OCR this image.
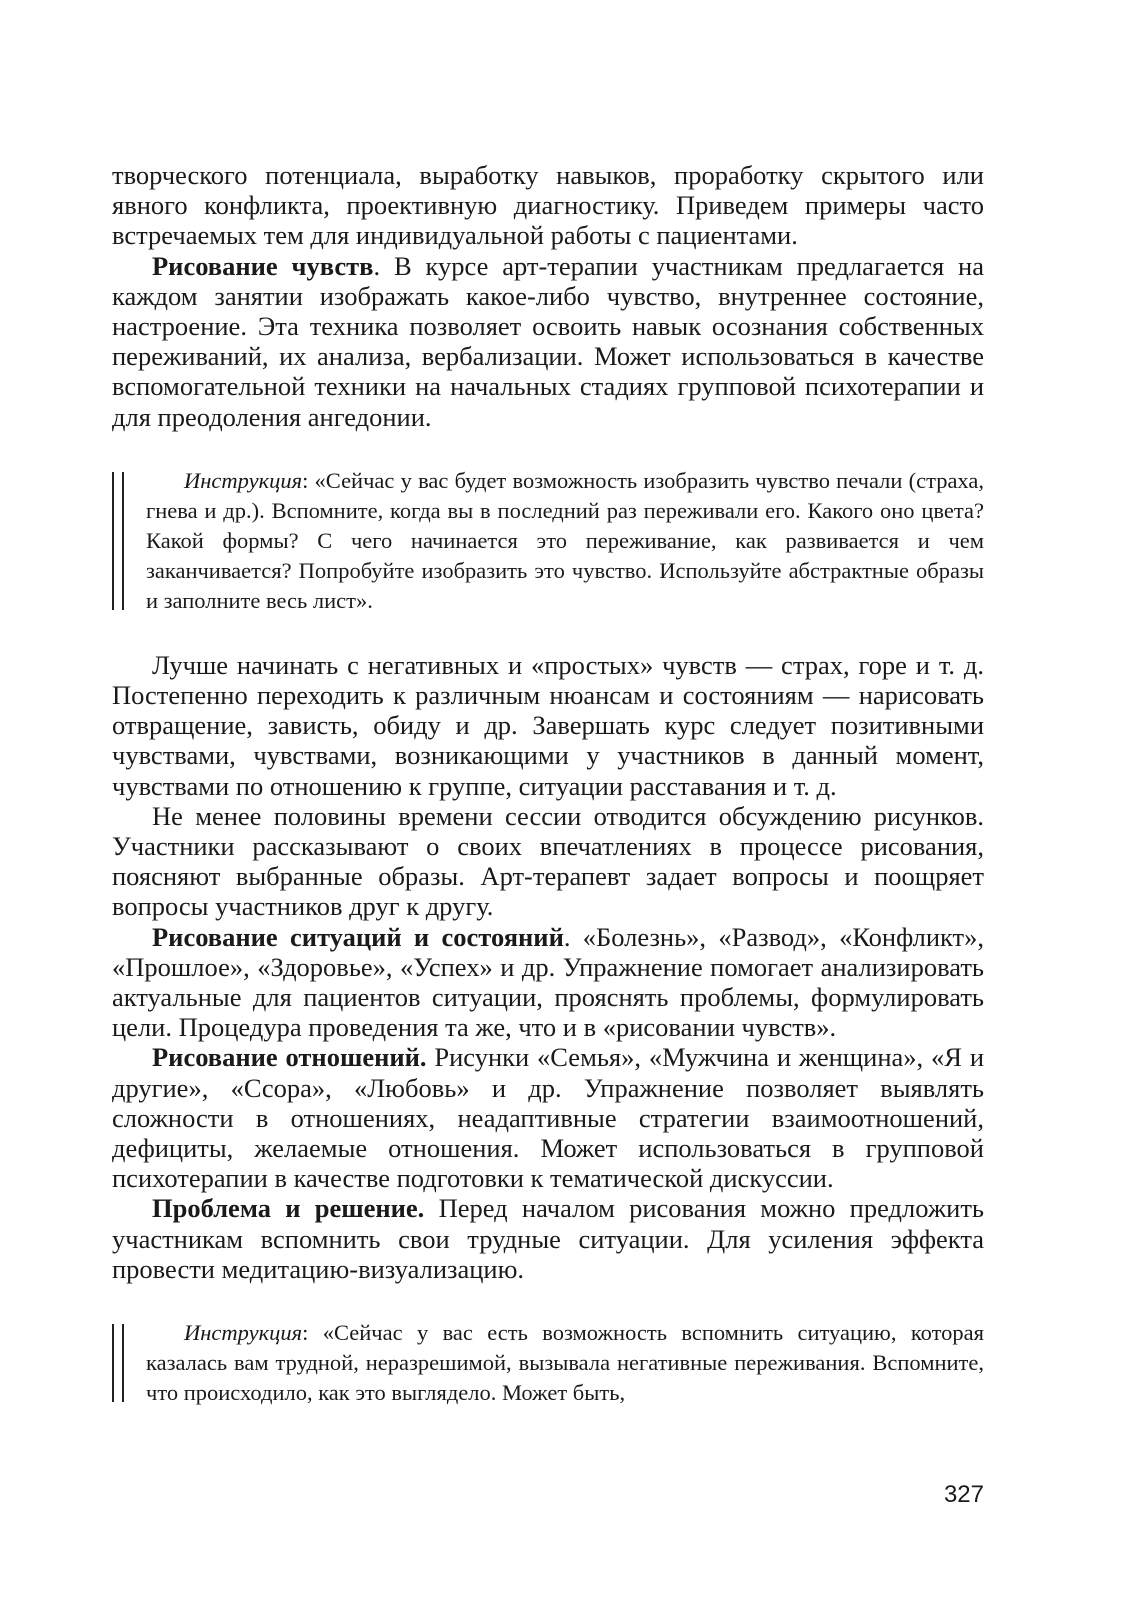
творческого потенциала, выработку навыков, проработку скрытого или явного конфликта, проективную диагностику. Приведем примеры часто встречаемых тем для индивидуальной работы с пациентами.

Рисование чувств. В курсе арт-терапии участникам предлагается на каждом занятии изображать какое-либо чувство, внутреннее состояние, настроение. Эта техника позволяет освоить навык осознания собственных переживаний, их анализа, вербализации. Может использоваться в качестве вспомогательной техники на начальных стадиях групповой психотерапии и для преодоления ангедонии.

Инструкция: «Сейчас у вас будет возможность изобразить чувство печали (страха, гнева и др.). Вспомните, когда вы в последний раз переживали его. Какого оно цвета? Какой формы? С чего начинается это переживание, как развивается и чем заканчивается? Попробуйте изобразить это чувство. Используйте абстрактные образы и заполните весь лист».

Лучше начинать с негативных и «простых» чувств — страх, горе и т. д. Постепенно переходить к различным нюансам и состояниям — нарисовать отвращение, зависть, обиду и др. Завершать курс следует позитивными чувствами, чувствами, возникающими у участников в данный момент, чувствами по отношению к группе, ситуации расставания и т. д.

Не менее половины времени сессии отводится обсуждению рисунков. Участники рассказывают о своих впечатлениях в процессе рисования, поясняют выбранные образы. Арт-терапевт задает вопросы и поощряет вопросы участников друг к другу.

Рисование ситуаций и состояний. «Болезнь», «Развод», «Конфликт», «Прошлое», «Здоровье», «Успех» и др. Упражнение помогает анализировать актуальные для пациентов ситуации, прояснять проблемы, формулировать цели. Процедура проведения та же, что и в «рисовании чувств».

Рисование отношений. Рисунки «Семья», «Мужчина и женщина», «Я и другие», «Ссора», «Любовь» и др. Упражнение позволяет выявлять сложности в отношениях, неадаптивные стратегии взаимоотношений, дефициты, желаемые отношения. Может использоваться в групповой психотерапии в качестве подготовки к тематической дискуссии.

Проблема и решение. Перед началом рисования можно предложить участникам вспомнить свои трудные ситуации. Для усиления эффекта провести медитацию-визуализацию.

Инструкция: «Сейчас у вас есть возможность вспомнить ситуацию, которая казалась вам трудной, неразрешимой, вызывала негативные переживания. Вспомните, что происходило, как это выглядело. Может быть,

327
